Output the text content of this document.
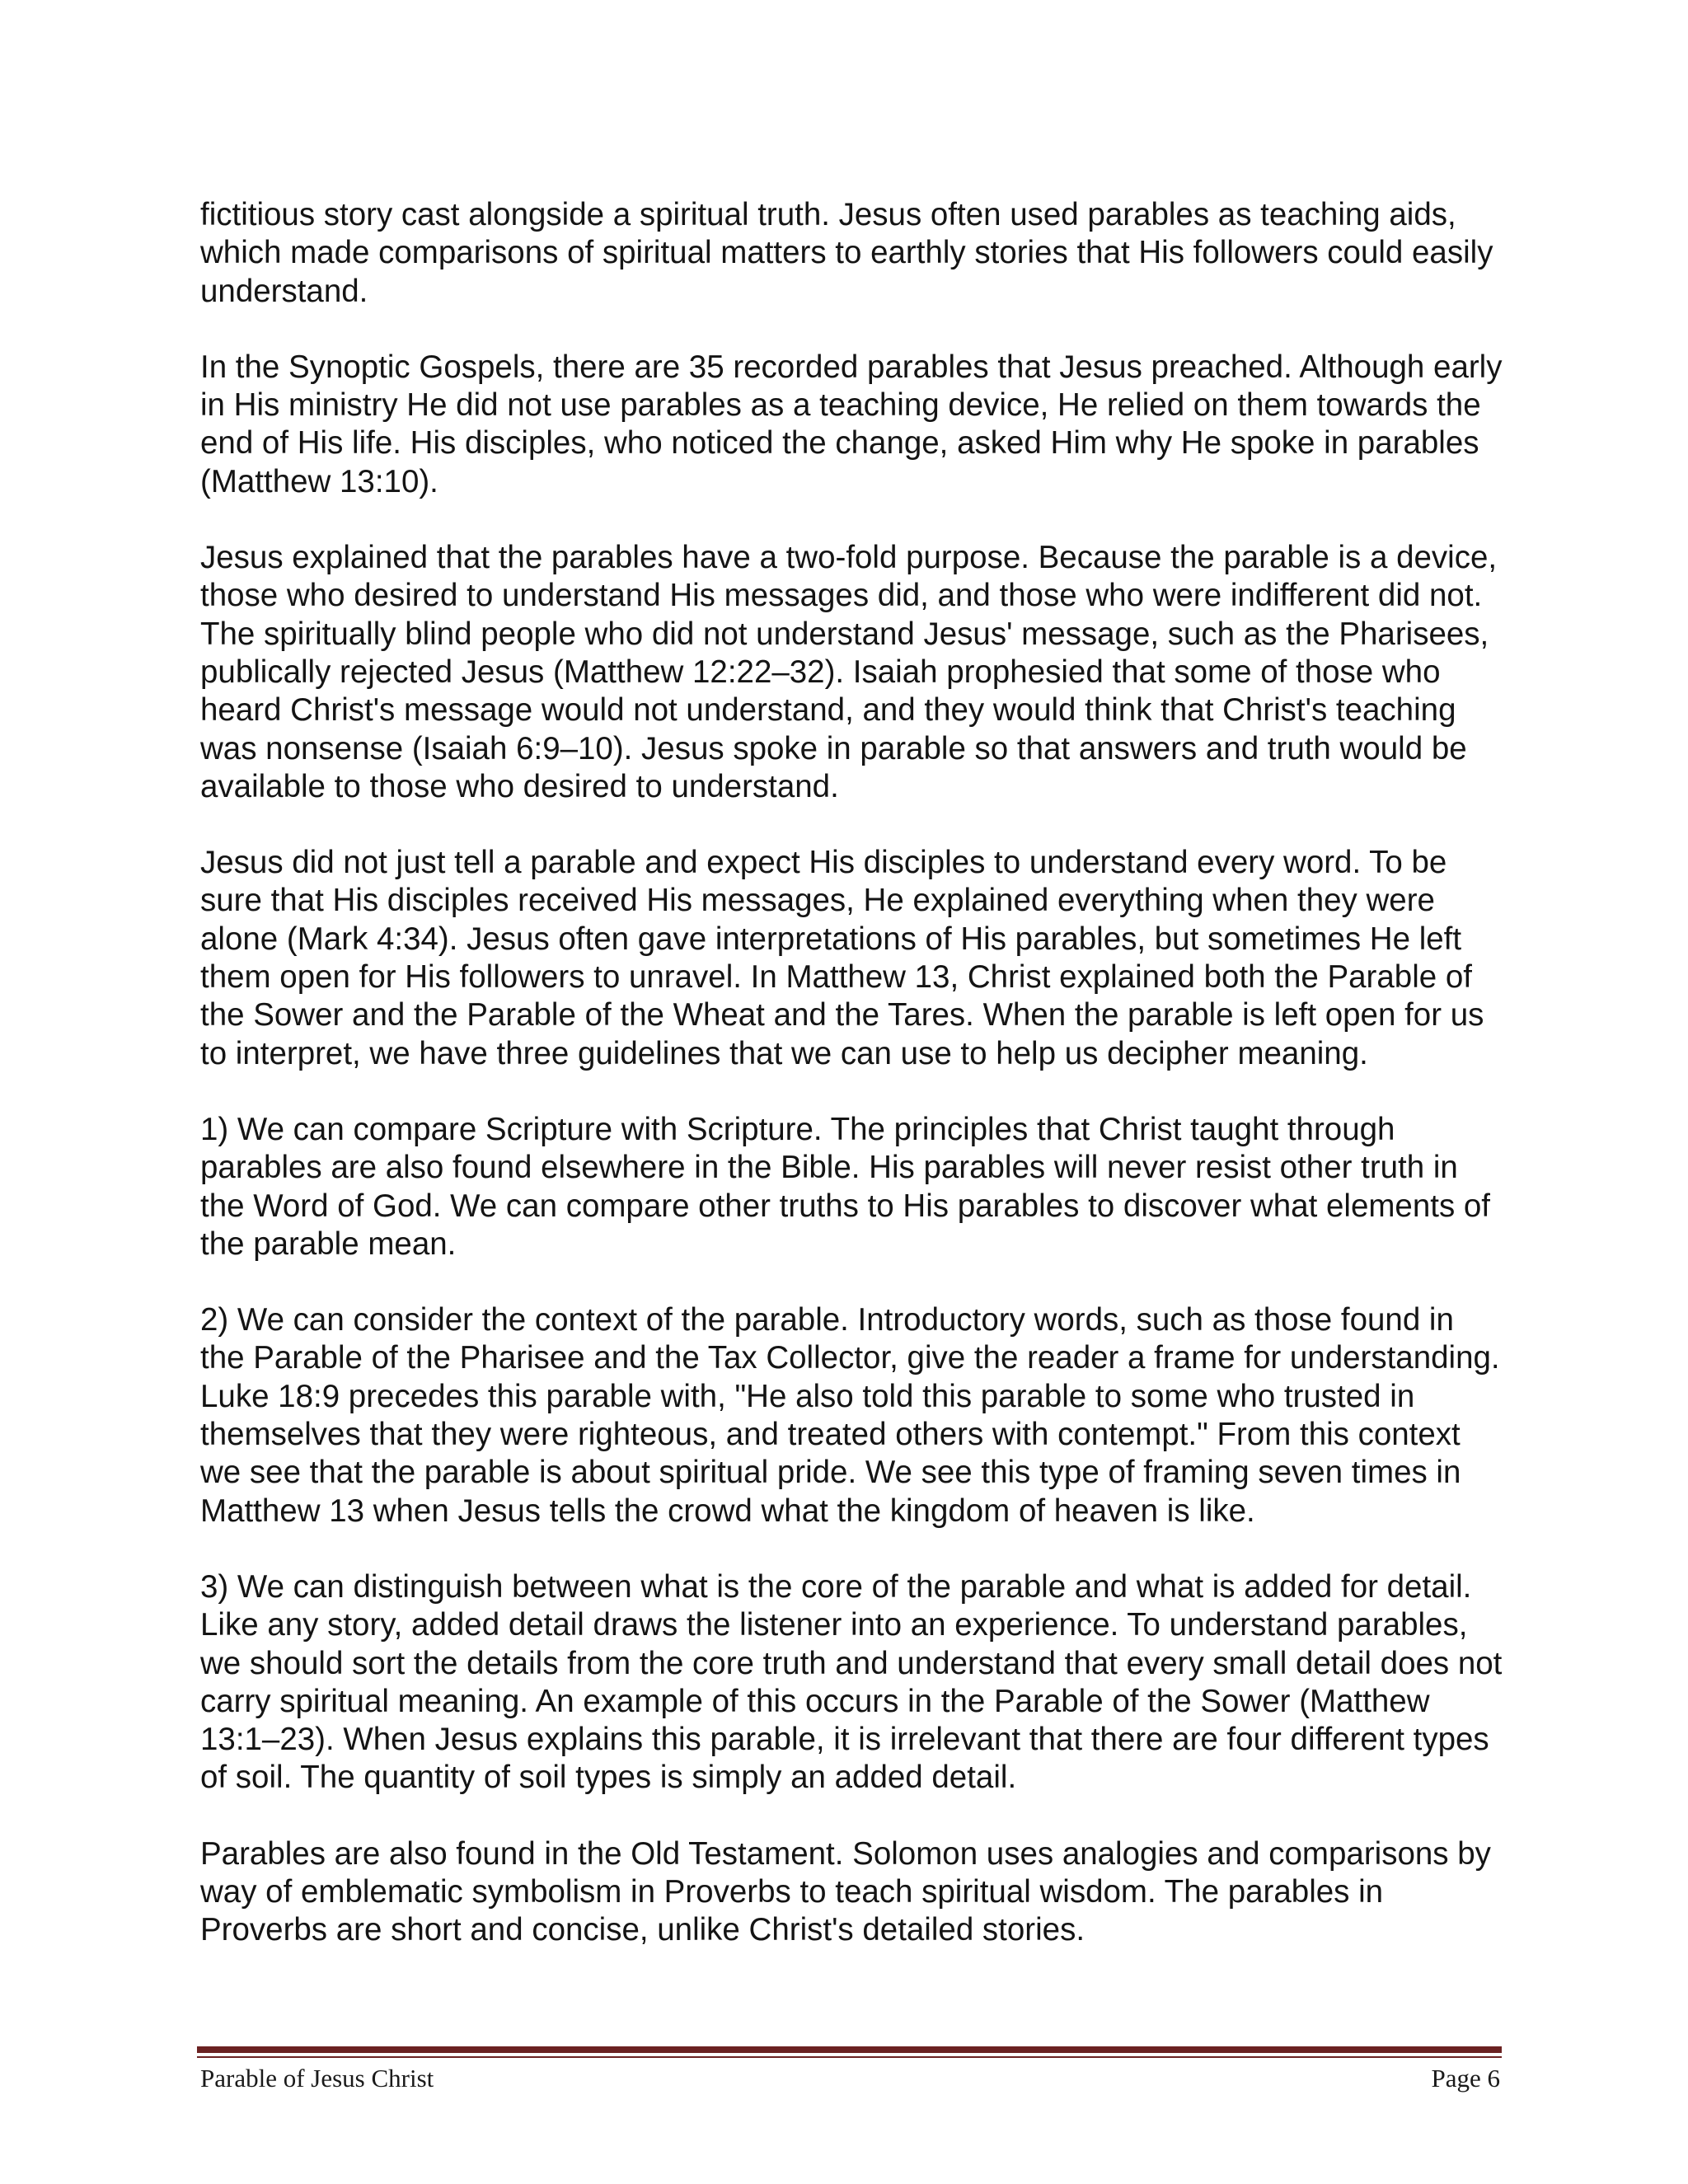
fictitious story cast alongside a spiritual truth. Jesus often used parables as teaching aids, which made comparisons of spiritual matters to earthly stories that His followers could easily understand.

In the Synoptic Gospels, there are 35 recorded parables that Jesus preached. Although early in His ministry He did not use parables as a teaching device, He relied on them towards the end of His life. His disciples, who noticed the change, asked Him why He spoke in parables (Matthew 13:10).

Jesus explained that the parables have a two-fold purpose. Because the parable is a device, those who desired to understand His messages did, and those who were indifferent did not. The spiritually blind people who did not understand Jesus' message, such as the Pharisees, publically rejected Jesus (Matthew 12:22–32). Isaiah prophesied that some of those who heard Christ's message would not understand, and they would think that Christ's teaching was nonsense (Isaiah 6:9–10). Jesus spoke in parable so that answers and truth would be available to those who desired to understand.

Jesus did not just tell a parable and expect His disciples to understand every word. To be sure that His disciples received His messages, He explained everything when they were alone (Mark 4:34). Jesus often gave interpretations of His parables, but sometimes He left them open for His followers to unravel. In Matthew 13, Christ explained both the Parable of the Sower and the Parable of the Wheat and the Tares. When the parable is left open for us to interpret, we have three guidelines that we can use to help us decipher meaning.

1) We can compare Scripture with Scripture. The principles that Christ taught through parables are also found elsewhere in the Bible. His parables will never resist other truth in the Word of God. We can compare other truths to His parables to discover what elements of the parable mean.

2) We can consider the context of the parable. Introductory words, such as those found in the Parable of the Pharisee and the Tax Collector, give the reader a frame for understanding. Luke 18:9 precedes this parable with, "He also told this parable to some who trusted in themselves that they were righteous, and treated others with contempt." From this context we see that the parable is about spiritual pride. We see this type of framing seven times in Matthew 13 when Jesus tells the crowd what the kingdom of heaven is like.

3) We can distinguish between what is the core of the parable and what is added for detail. Like any story, added detail draws the listener into an experience. To understand parables, we should sort the details from the core truth and understand that every small detail does not carry spiritual meaning. An example of this occurs in the Parable of the Sower (Matthew 13:1–23). When Jesus explains this parable, it is irrelevant that there are four different types of soil. The quantity of soil types is simply an added detail.

Parables are also found in the Old Testament. Solomon uses analogies and comparisons by way of emblematic symbolism in Proverbs to teach spiritual wisdom. The parables in Proverbs are short and concise, unlike Christ's detailed stories.

Parable of Jesus Christ	Page 6
